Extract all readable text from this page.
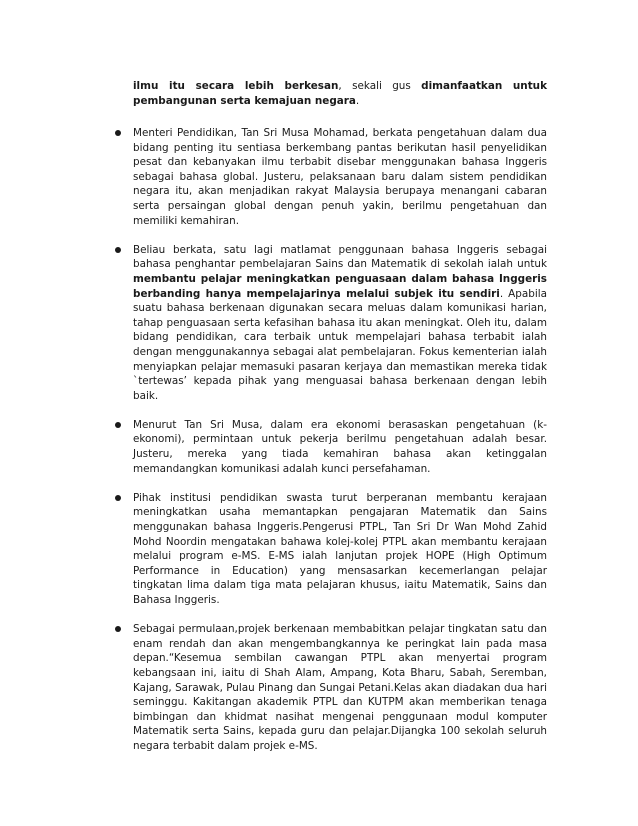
ilmu itu secara lebih berkesan, sekali gus dimanfaatkan untuk pembangunan serta kemajuan negara.

Menteri Pendidikan, Tan Sri Musa Mohamad, berkata pengetahuan dalam dua bidang penting itu sentiasa berkembang pantas berikutan hasil penyelidikan pesat dan kebanyakan ilmu terbabit disebar menggunakan bahasa Inggeris sebagai bahasa global. Justeru, pelaksanaan baru dalam sistem pendidikan negara itu, akan menjadikan rakyat Malaysia berupaya menangani cabaran serta persaingan global dengan penuh yakin, berilmu pengetahuan dan memiliki kemahiran.
Beliau berkata, satu lagi matlamat penggunaan bahasa Inggeris sebagai bahasa penghantar pembelajaran Sains dan Matematik di sekolah ialah untuk membantu pelajar meningkatkan penguasaan dalam bahasa Inggeris berbanding hanya mempelajarinya melalui subjek itu sendiri. Apabila suatu bahasa berkenaan digunakan secara meluas dalam komunikasi harian, tahap penguasaan serta kefasihan bahasa itu akan meningkat. Oleh itu, dalam bidang pendidikan, cara terbaik untuk mempelajari bahasa terbabit ialah dengan menggunakannya sebagai alat pembelajaran. Fokus kementerian ialah menyiapkan pelajar memasuki pasaran kerjaya dan memastikan mereka tidak `tertewas’ kepada pihak yang menguasai bahasa berkenaan dengan lebih baik.
Menurut Tan Sri Musa, dalam era ekonomi berasaskan pengetahuan (k-ekonomi), permintaan untuk pekerja berilmu pengetahuan adalah besar. Justeru, mereka yang tiada kemahiran bahasa akan ketinggalan memandangkan komunikasi adalah kunci persefahaman.
Pihak institusi pendidikan swasta turut berperanan membantu kerajaan meningkatkan usaha memantapkan pengajaran Matematik dan Sains menggunakan bahasa Inggeris.Pengerusi PTPL, Tan Sri Dr Wan Mohd Zahid Mohd Noordin mengatakan bahawa kolej-kolej PTPL akan membantu kerajaan melalui program e-MS. E-MS ialah lanjutan projek HOPE (High Optimum Performance in Education) yang mensasarkan kecemerlangan pelajar tingkatan lima dalam tiga mata pelajaran khusus, iaitu Matematik, Sains dan Bahasa Inggeris.
Sebagai permulaan,projek berkenaan membabitkan pelajar tingkatan satu dan enam rendah dan akan mengembangkannya ke peringkat lain pada masa depan.“Kesemua sembilan cawangan PTPL akan menyertai program kebangsaan ini, iaitu di Shah Alam, Ampang, Kota Bharu, Sabah, Seremban, Kajang, Sarawak, Pulau Pinang dan Sungai Petani.Kelas akan diadakan dua hari seminggu. Kakitangan akademik PTPL dan KUTPM akan memberikan tenaga bimbingan dan khidmat nasihat mengenai penggunaan modul komputer Matematik serta Sains, kepada guru dan pelajar.Dijangka 100 sekolah seluruh negara terbabit dalam projek e-MS.
